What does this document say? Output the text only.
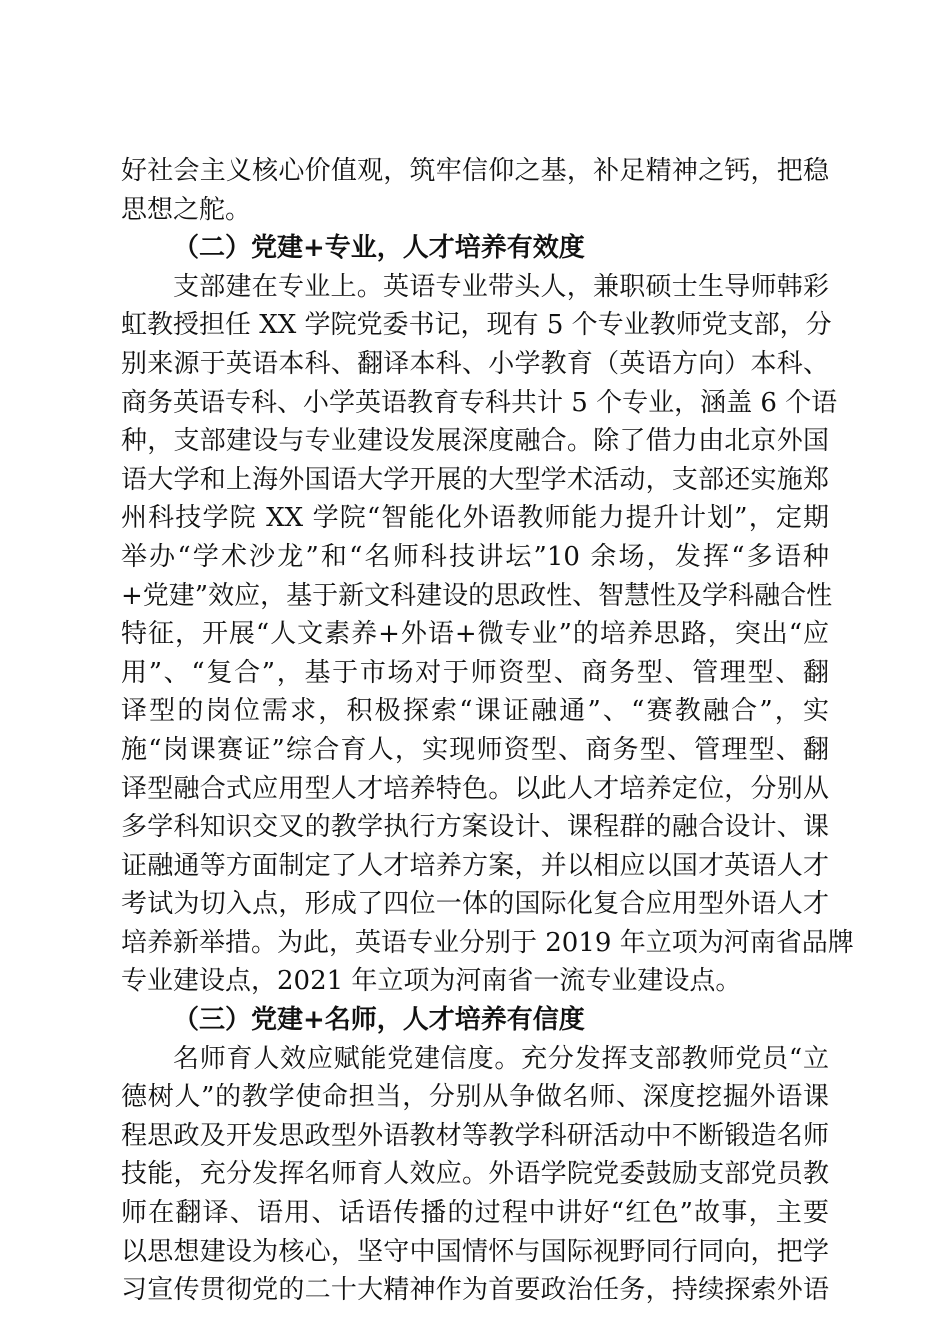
好社会主义核心价值观，筑牢信仰之基，补足精神之钙，把稳
思想之舵。
（二）党建+专业，人才培养有效度
支部建在专业上。英语专业带头人，兼职硕士生导师韩彩
虹教授担任 XX 学院党委书记，现有 5 个专业教师党支部，分
别来源于英语本科、翻译本科、小学教育（英语方向）本科、
商务英语专科、小学英语教育专科共计 5 个专业，涵盖 6 个语
种，支部建设与专业建设发展深度融合。除了借力由北京外国
语大学和上海外国语大学开展的大型学术活动，支部还实施郑
州科技学院 XX 学院“智能化外语教师能力提升计划”，定期
举办“学术沙龙”和“名师科技讲坛”10 余场，发挥“多语种
+党建”效应，基于新文科建设的思政性、智慧性及学科融合性
特征，开展“人文素养+外语+微专业”的培养思路，突出“应
用”、“复合”，基于市场对于师资型、商务型、管理型、翻
译型的岗位需求，积极探索“课证融通”、“赛教融合”，实
施“岗课赛证”综合育人，实现师资型、商务型、管理型、翻
译型融合式应用型人才培养特色。以此人才培养定位，分别从
多学科知识交叉的教学执行方案设计、课程群的融合设计、课
证融通等方面制定了人才培养方案，并以相应以国才英语人才
考试为切入点，形成了四位一体的国际化复合应用型外语人才
培养新举措。为此，英语专业分别于 2019 年立项为河南省品牌
专业建设点，2021 年立项为河南省一流专业建设点。
（三）党建+名师，人才培养有信度
名师育人效应赋能党建信度。充分发挥支部教师党员“立
德树人”的教学使命担当，分别从争做名师、深度挖掘外语课
程思政及开发思政型外语教材等教学科研活动中不断锻造名师
技能，充分发挥名师育人效应。外语学院党委鼓励支部党员教
师在翻译、语用、话语传播的过程中讲好“红色”故事，主要
以思想建设为核心，坚守中国情怀与国际视野同行同向，把学
习宣传贯彻党的二十大精神作为首要政治任务，持续探索外语
